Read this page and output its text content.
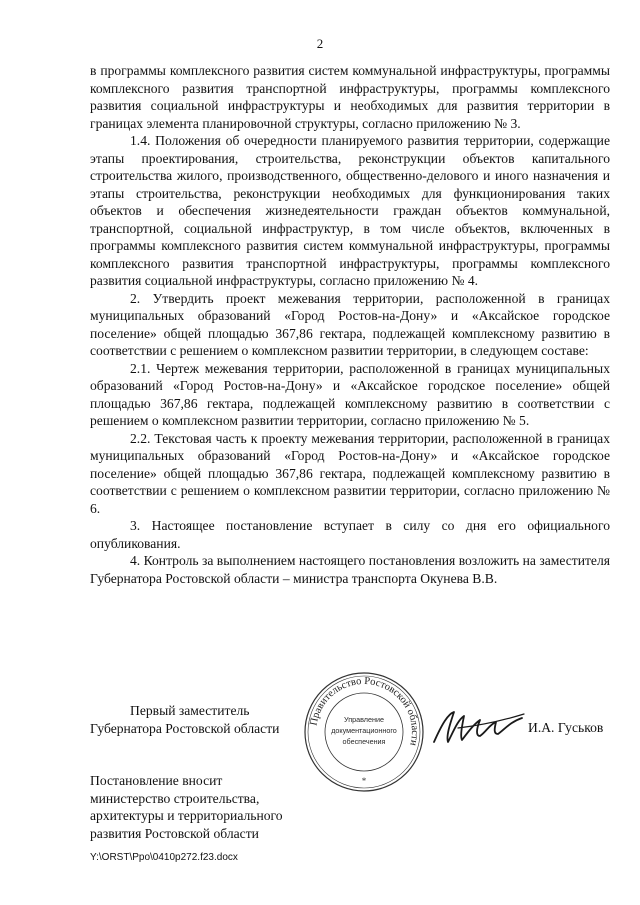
2

в программы комплексного развития систем коммунальной инфраструктуры, программы комплексного развития транспортной инфраструктуры, программы комплексного развития социальной инфраструктуры и необходимых для развития территории в границах элемента планировочной структуры, согласно приложению № 3.

1.4. Положения об очередности планируемого развития территории, содержащие этапы проектирования, строительства, реконструкции объектов капитального строительства жилого, производственного, общественно-делового и иного назначения и этапы строительства, реконструкции необходимых для функционирования таких объектов и обеспечения жизнедеятельности граждан объектов коммунальной, транспортной, социальной инфраструктур, в том числе объектов, включенных в программы комплексного развития систем коммунальной инфраструктуры, программы комплексного развития транспортной инфраструктуры, программы комплексного развития социальной инфраструктуры, согласно приложению № 4.

2. Утвердить проект межевания территории, расположенной в границах муниципальных образований «Город Ростов-на-Дону» и «Аксайское городское поселение» общей площадью 367,86 гектара, подлежащей комплексному развитию в соответствии с решением о комплексном развитии территории, в следующем составе:

2.1. Чертеж межевания территории, расположенной в границах муниципальных образований «Город Ростов-на-Дону» и «Аксайское городское поселение» общей площадью 367,86 гектара, подлежащей комплексному развитию в соответствии с решением о комплексном развитии территории, согласно приложению № 5.

2.2. Текстовая часть к проекту межевания территории, расположенной в границах муниципальных образований «Город Ростов-на-Дону» и «Аксайское городское поселение» общей площадью 367,86 гектара, подлежащей комплексному развитию в соответствии с решением о комплексном развитии территории, согласно приложению № 6.

3. Настоящее постановление вступает в силу со дня его официального опубликования.

4. Контроль за выполнением настоящего постановления возложить на заместителя Губернатора Ростовской области – министра транспорта Окунева В.В.

Первый заместитель
Губернатора Ростовской области	Правительство Ростовской области
Управление
документационного
обеспечения
*
И.А. Гуськов
Постановление вносит
министерство строительства,
архитектуры и территориального
развития Ростовской области
Y:\ORST\Ppo\0410p272.f23.docx
